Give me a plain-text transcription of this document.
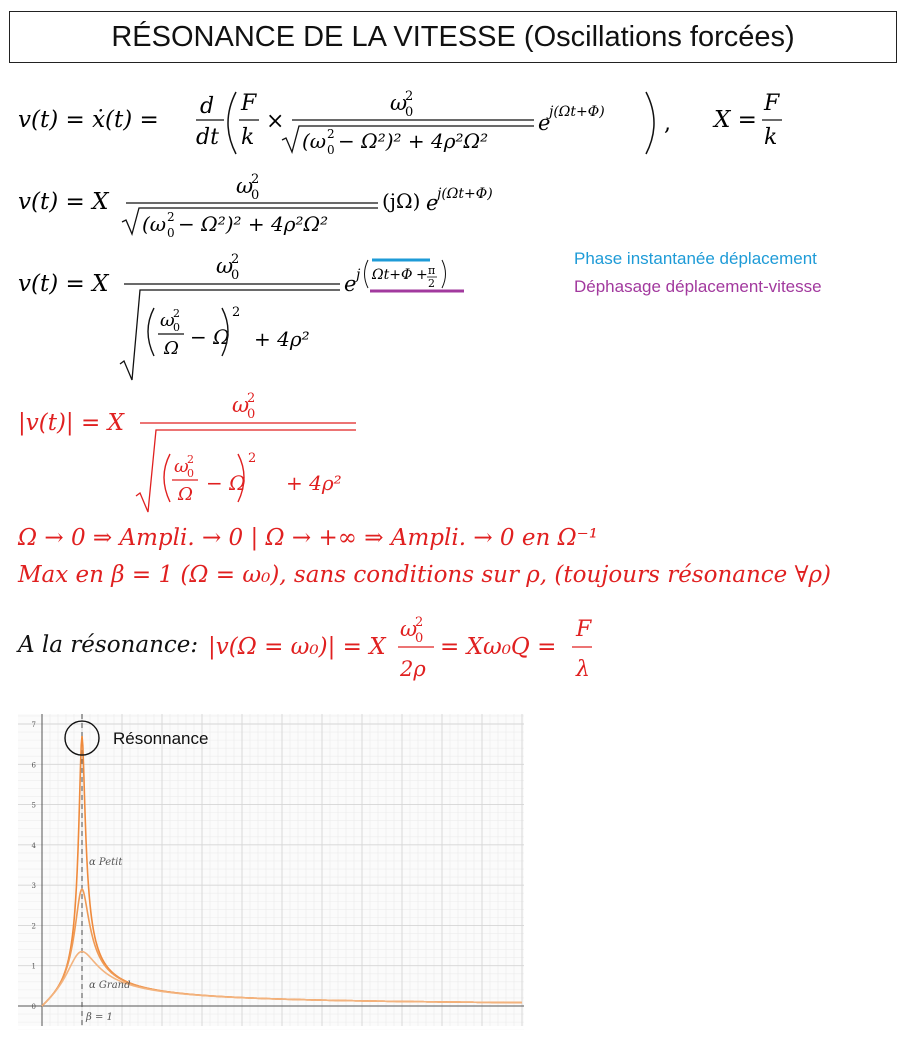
RÉSONANCE DE LA VITESSE (Oscillations forcées)
v(t) = ẋ(t) =
d
dt
F
k
×
ω
2
0
(ω 0
2 − Ω²)² + 4ρ²Ω²
e
j(Ωt+Φ)	, X =
F
k
v(t) = X
ω
2
0
(ω 0
2 − Ω²)² + 4ρ²Ω²
(jΩ) e
j(Ωt+Φ)
v(t) = X
ω
2
0
ω
2
0
Ω − Ω
2
+ 4ρ²
e j Ωt+Φ + π
2
Phase instantanée déplacement
Déphasage déplacement-vitesse
|v(t)| = X
ω
2
0
ω
2
0
Ω − Ω
2
+ 4ρ²
Ω → 0 ⇒ Ampli. → 0 | Ω → +∞ ⇒ Ampli. → 0 en Ω⁻¹
Max en β = 1 (Ω = ω₀), sans conditions sur ρ, (toujours résonance ∀ρ)
A la résonance: |v(Ω = ω₀)| = X
ω
2
0
2ρ
= Xω₀Q =
F
λ
0
1
2
3
4
5
6
7
Résonnance
α Petit
α Grand
β = 1
